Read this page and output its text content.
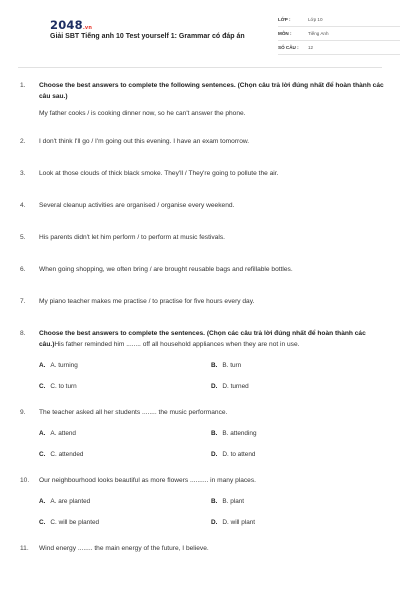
2048.vn
Giải SBT Tiếng anh 10 Test yourself 1: Grammar có đáp án
LỚP :	Lớp 10
MÔN :	Tiếng Anh
SỐ CÂU :	12
1. Choose the best answers to complete the following sentences. (Chọn câu trả lời đúng nhất để hoàn thành các câu sau.)
My father cooks / is cooking dinner now, so he can't answer the phone.
2. I don't think I'll go / I'm going out this evening. I have an exam tomorrow.
3. Look at those clouds of thick black smoke. They'll / They're going to pollute the air.
4. Several cleanup activities are organised / organise every weekend.
5. His parents didn't let him perform / to perform at music festivals.
6. When going shopping, we often bring / are brought reusable bags and refillable bottles.
7. My piano teacher makes me practise / to practise for five hours every day.
8. Choose the best answers to complete the sentences. (Chọn các câu trả lời đúng nhất để hoàn thành các câu.)His father reminded him ........ off all household appliances when they are not in use.
A. A. turning	B. B. turn
C. C. to turn	D. D. turned
9. The teacher asked all her students ........ the music performance.
A. A. attend	B. B. attending
C. C. attended	D. D. to attend
10. Our neighbourhood looks beautiful as more flowers .......... in many places.
A. A. are planted	B. B. plant
C. C. will be planted	D. D. will plant
11. Wind energy ........ the main energy of the future, I believe.
